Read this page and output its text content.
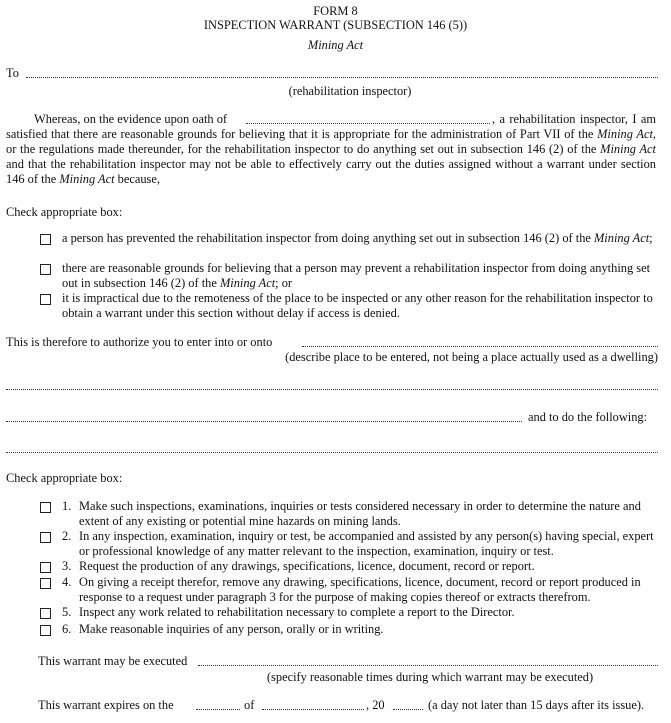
FORM 8
INSPECTION WARRANT (SUBSECTION 146 (5))
Mining Act
To
(rehabilitation inspector)
Whereas, on the evidence upon oath of	, a rehabilitation inspector, I am satisfied that there are reasonable grounds for believing that it is appropriate for the administration of Part VII of the Mining Act, or the regulations made thereunder, for the rehabilitation inspector to do anything set out in subsection 146 (2) of the Mining Act and that the rehabilitation inspector may not be able to effectively carry out the duties assigned without a warrant under section 146 of the Mining Act because,
Check appropriate box:
a person has prevented the rehabilitation inspector from doing anything set out in subsection 146 (2) of the Mining Act;
there are reasonable grounds for believing that a person may prevent a rehabilitation inspector from doing anything set out in subsection 146 (2) of the Mining Act; or
it is impractical due to the remoteness of the place to be inspected or any other reason for the rehabilitation inspector to obtain a warrant under this section without delay if access is denied.
This is therefore to authorize you to enter into or onto
(describe place to be entered, not being a place actually used as a dwelling)
and to do the following:
Check appropriate box:
1. Make such inspections, examinations, inquiries or tests considered necessary in order to determine the nature and extent of any existing or potential mine hazards on mining lands.
2. In any inspection, examination, inquiry or test, be accompanied and assisted by any person(s) having special, expert or professional knowledge of any matter relevant to the inspection, examination, inquiry or test.
3. Request the production of any drawings, specifications, licence, document, record or report.
4. On giving a receipt therefor, remove any drawing, specifications, licence, document, record or report produced in response to a request under paragraph 3 for the purpose of making copies thereof or extracts therefrom.
5. Inspect any work related to rehabilitation necessary to complete a report to the Director.
6. Make reasonable inquiries of any person, orally or in writing.
This warrant may be executed
(specify reasonable times during which warrant may be executed)
This warrant expires on the	of	, 20	(a day not later than 15 days after its issue).
